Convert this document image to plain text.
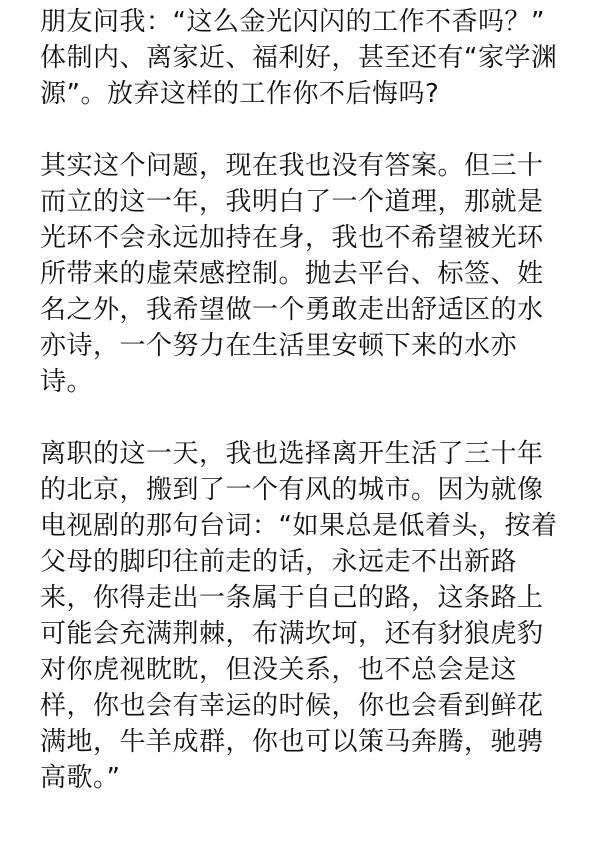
朋友问我：“这么金光闪闪的工作不香吗？”
体制内、离家近、福利好，甚至还有“家学渊
源”。放弃这样的工作你不后悔吗?
其实这个问题，现在我也没有答案。但三十
而立的这一年，我明白了一个道理，那就是
光环不会永远加持在身，我也不希望被光环
所带来的虚荣感控制。抛去平台、标签、姓
名之外，我希望做一个勇敢走出舒适区的水
亦诗，一个努力在生活里安顿下来的水亦
诗。
离职的这一天，我也选择离开生活了三十年
的北京，搬到了一个有风的城市。因为就像
电视剧的那句台词：“如果总是低着头，按着
父母的脚印往前走的话，永远走不出新路
来，你得走出一条属于自己的路，这条路上
可能会充满荆棘，布满坎坷，还有豺狼虎豹
对你虎视眈眈，但没关系，也不总会是这
样，你也会有幸运的时候，你也会看到鲜花
满地，牛羊成群，你也可以策马奔腾，驰骋
高歌。”
